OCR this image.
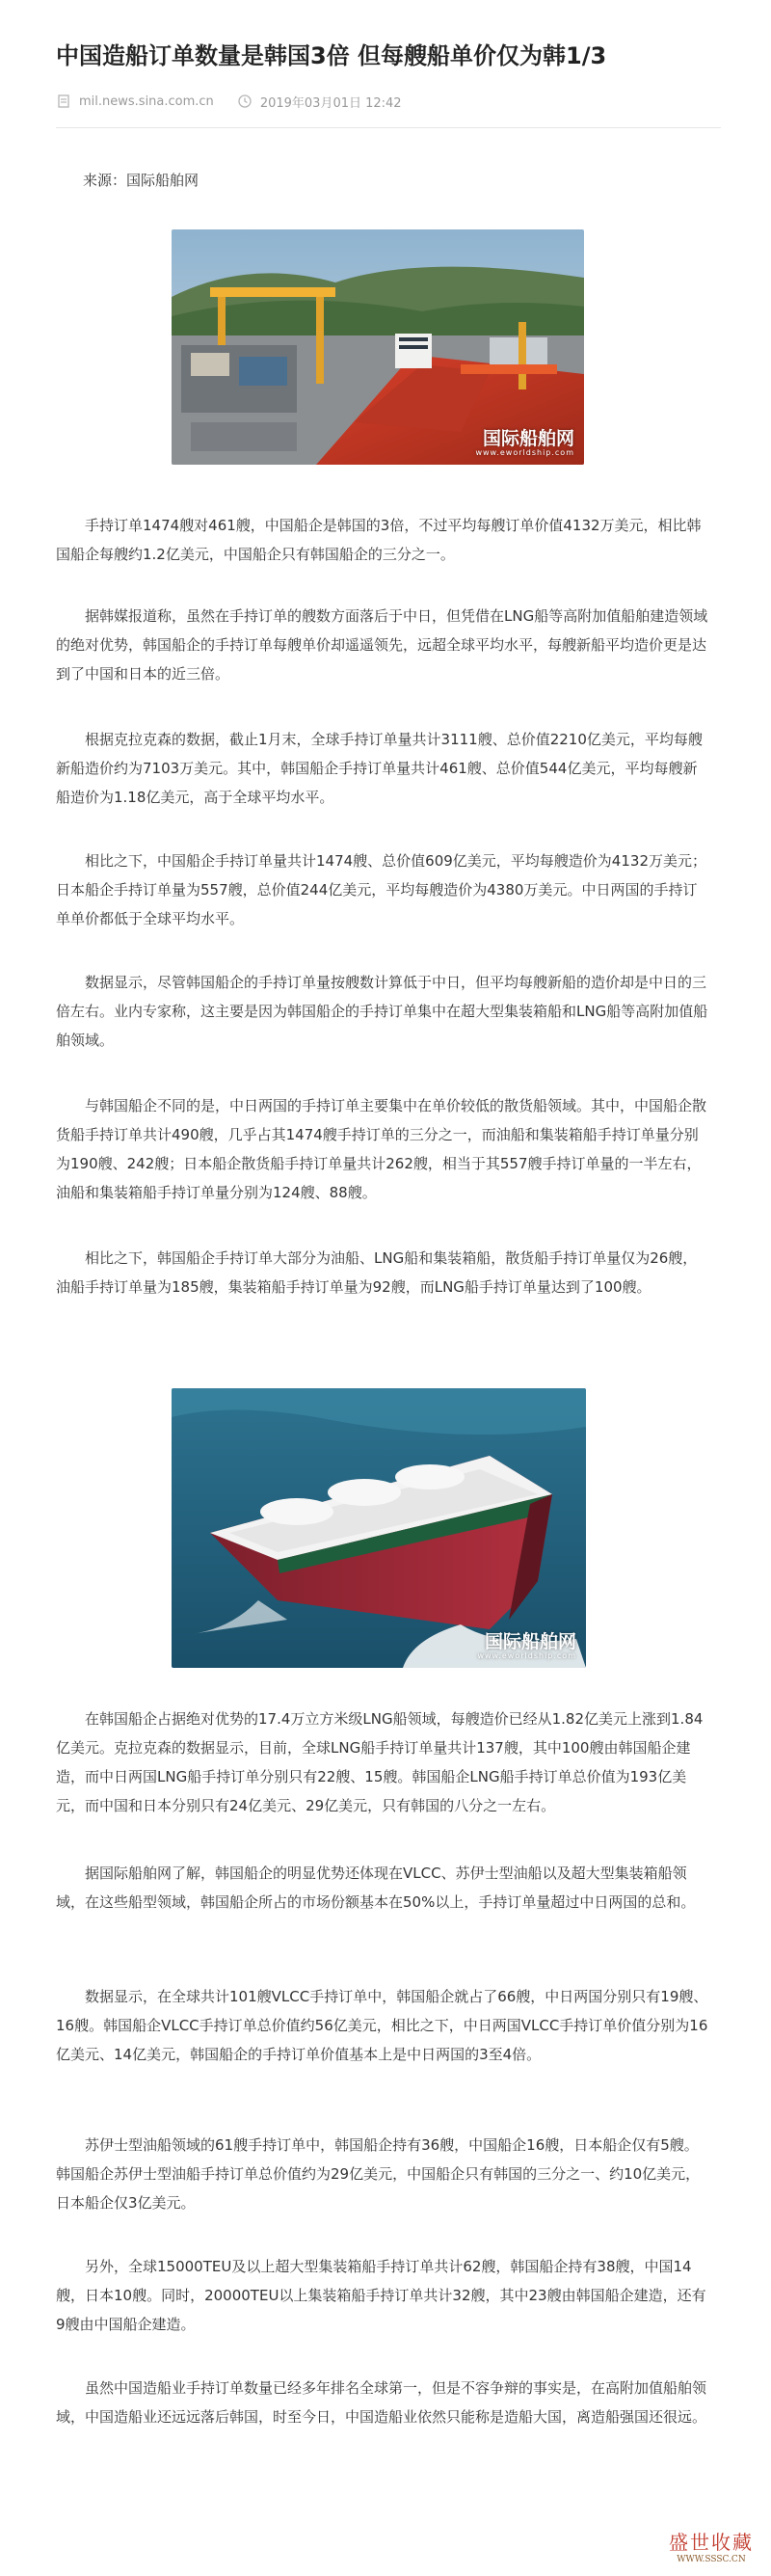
中国造船订单数量是韩国3倍 但每艘船单价仅为韩1/3
mil.news.sina.com.cn	2019年03月01日 12:42
来源：国际船舶网
国际船舶网
www.eworldship.com

手持订单1474艘对461艘，中国船企是韩国的3倍，不过平均每艘订单价值4132万美元，相比韩国船企每艘约1.2亿美元，中国船企只有韩国船企的三分之一。

据韩媒报道称，虽然在手持订单的艘数方面落后于中日，但凭借在LNG船等高附加值船舶建造领域的绝对优势，韩国船企的手持订单每艘单价却遥遥领先，远超全球平均水平，每艘新船平均造价更是达到了中国和日本的近三倍。

根据克拉克森的数据，截止1月末，全球手持订单量共计3111艘、总价值2210亿美元，平均每艘新船造价约为7103万美元。其中，韩国船企手持订单量共计461艘、总价值544亿美元，平均每艘新船造价为1.18亿美元，高于全球平均水平。

相比之下，中国船企手持订单量共计1474艘、总价值609亿美元，平均每艘造价为4132万美元；日本船企手持订单量为557艘，总价值244亿美元，平均每艘造价为4380万美元。中日两国的手持订单单价都低于全球平均水平。

数据显示，尽管韩国船企的手持订单量按艘数计算低于中日，但平均每艘新船的造价却是中日的三倍左右。业内专家称，这主要是因为韩国船企的手持订单集中在超大型集装箱船和LNG船等高附加值船舶领域。

与韩国船企不同的是，中日两国的手持订单主要集中在单价较低的散货船领域。其中，中国船企散货船手持订单共计490艘，几乎占其1474艘手持订单的三分之一，而油船和集装箱船手持订单量分别为190艘、242艘；日本船企散货船手持订单量共计262艘，相当于其557艘手持订单量的一半左右，油船和集装箱船手持订单量分别为124艘、88艘。

相比之下，韩国船企手持订单大部分为油船、LNG船和集装箱船，散货船手持订单量仅为26艘，油船手持订单量为185艘，集装箱船手持订单量为92艘，而LNG船手持订单量达到了100艘。

国际船舶网
www.eworldship.com

在韩国船企占据绝对优势的17.4万立方米级LNG船领域，每艘造价已经从1.82亿美元上涨到1.84亿美元。克拉克森的数据显示，目前，全球LNG船手持订单量共计137艘，其中100艘由韩国船企建造，而中日两国LNG船手持订单分别只有22艘、15艘。韩国船企LNG船手持订单总价值为193亿美元，而中国和日本分别只有24亿美元、29亿美元，只有韩国的八分之一左右。

据国际船舶网了解，韩国船企的明显优势还体现在VLCC、苏伊士型油船以及超大型集装箱船领域，在这些船型领域，韩国船企所占的市场份额基本在50%以上，手持订单量超过中日两国的总和。

数据显示，在全球共计101艘VLCC手持订单中，韩国船企就占了66艘，中日两国分别只有19艘、16艘。韩国船企VLCC手持订单总价值约56亿美元，相比之下，中日两国VLCC手持订单价值分别为16亿美元、14亿美元，韩国船企的手持订单价值基本上是中日两国的3至4倍。

苏伊士型油船领域的61艘手持订单中，韩国船企持有36艘，中国船企16艘，日本船企仅有5艘。韩国船企苏伊士型油船手持订单总价值约为29亿美元，中国船企只有韩国的三分之一、约10亿美元，日本船企仅3亿美元。

另外，全球15000TEU及以上超大型集装箱船手持订单共计62艘，韩国船企持有38艘，中国14艘，日本10艘。同时，20000TEU以上集装箱船手持订单共计32艘，其中23艘由韩国船企建造，还有9艘由中国船企建造。

虽然中国造船业手持订单数量已经多年排名全球第一，但是不容争辩的事实是，在高附加值船舶领域，中国造船业还远远落后韩国，时至今日，中国造船业依然只能称是造船大国，离造船强国还很远。

盛世收藏
WWW.SSSC.CN
